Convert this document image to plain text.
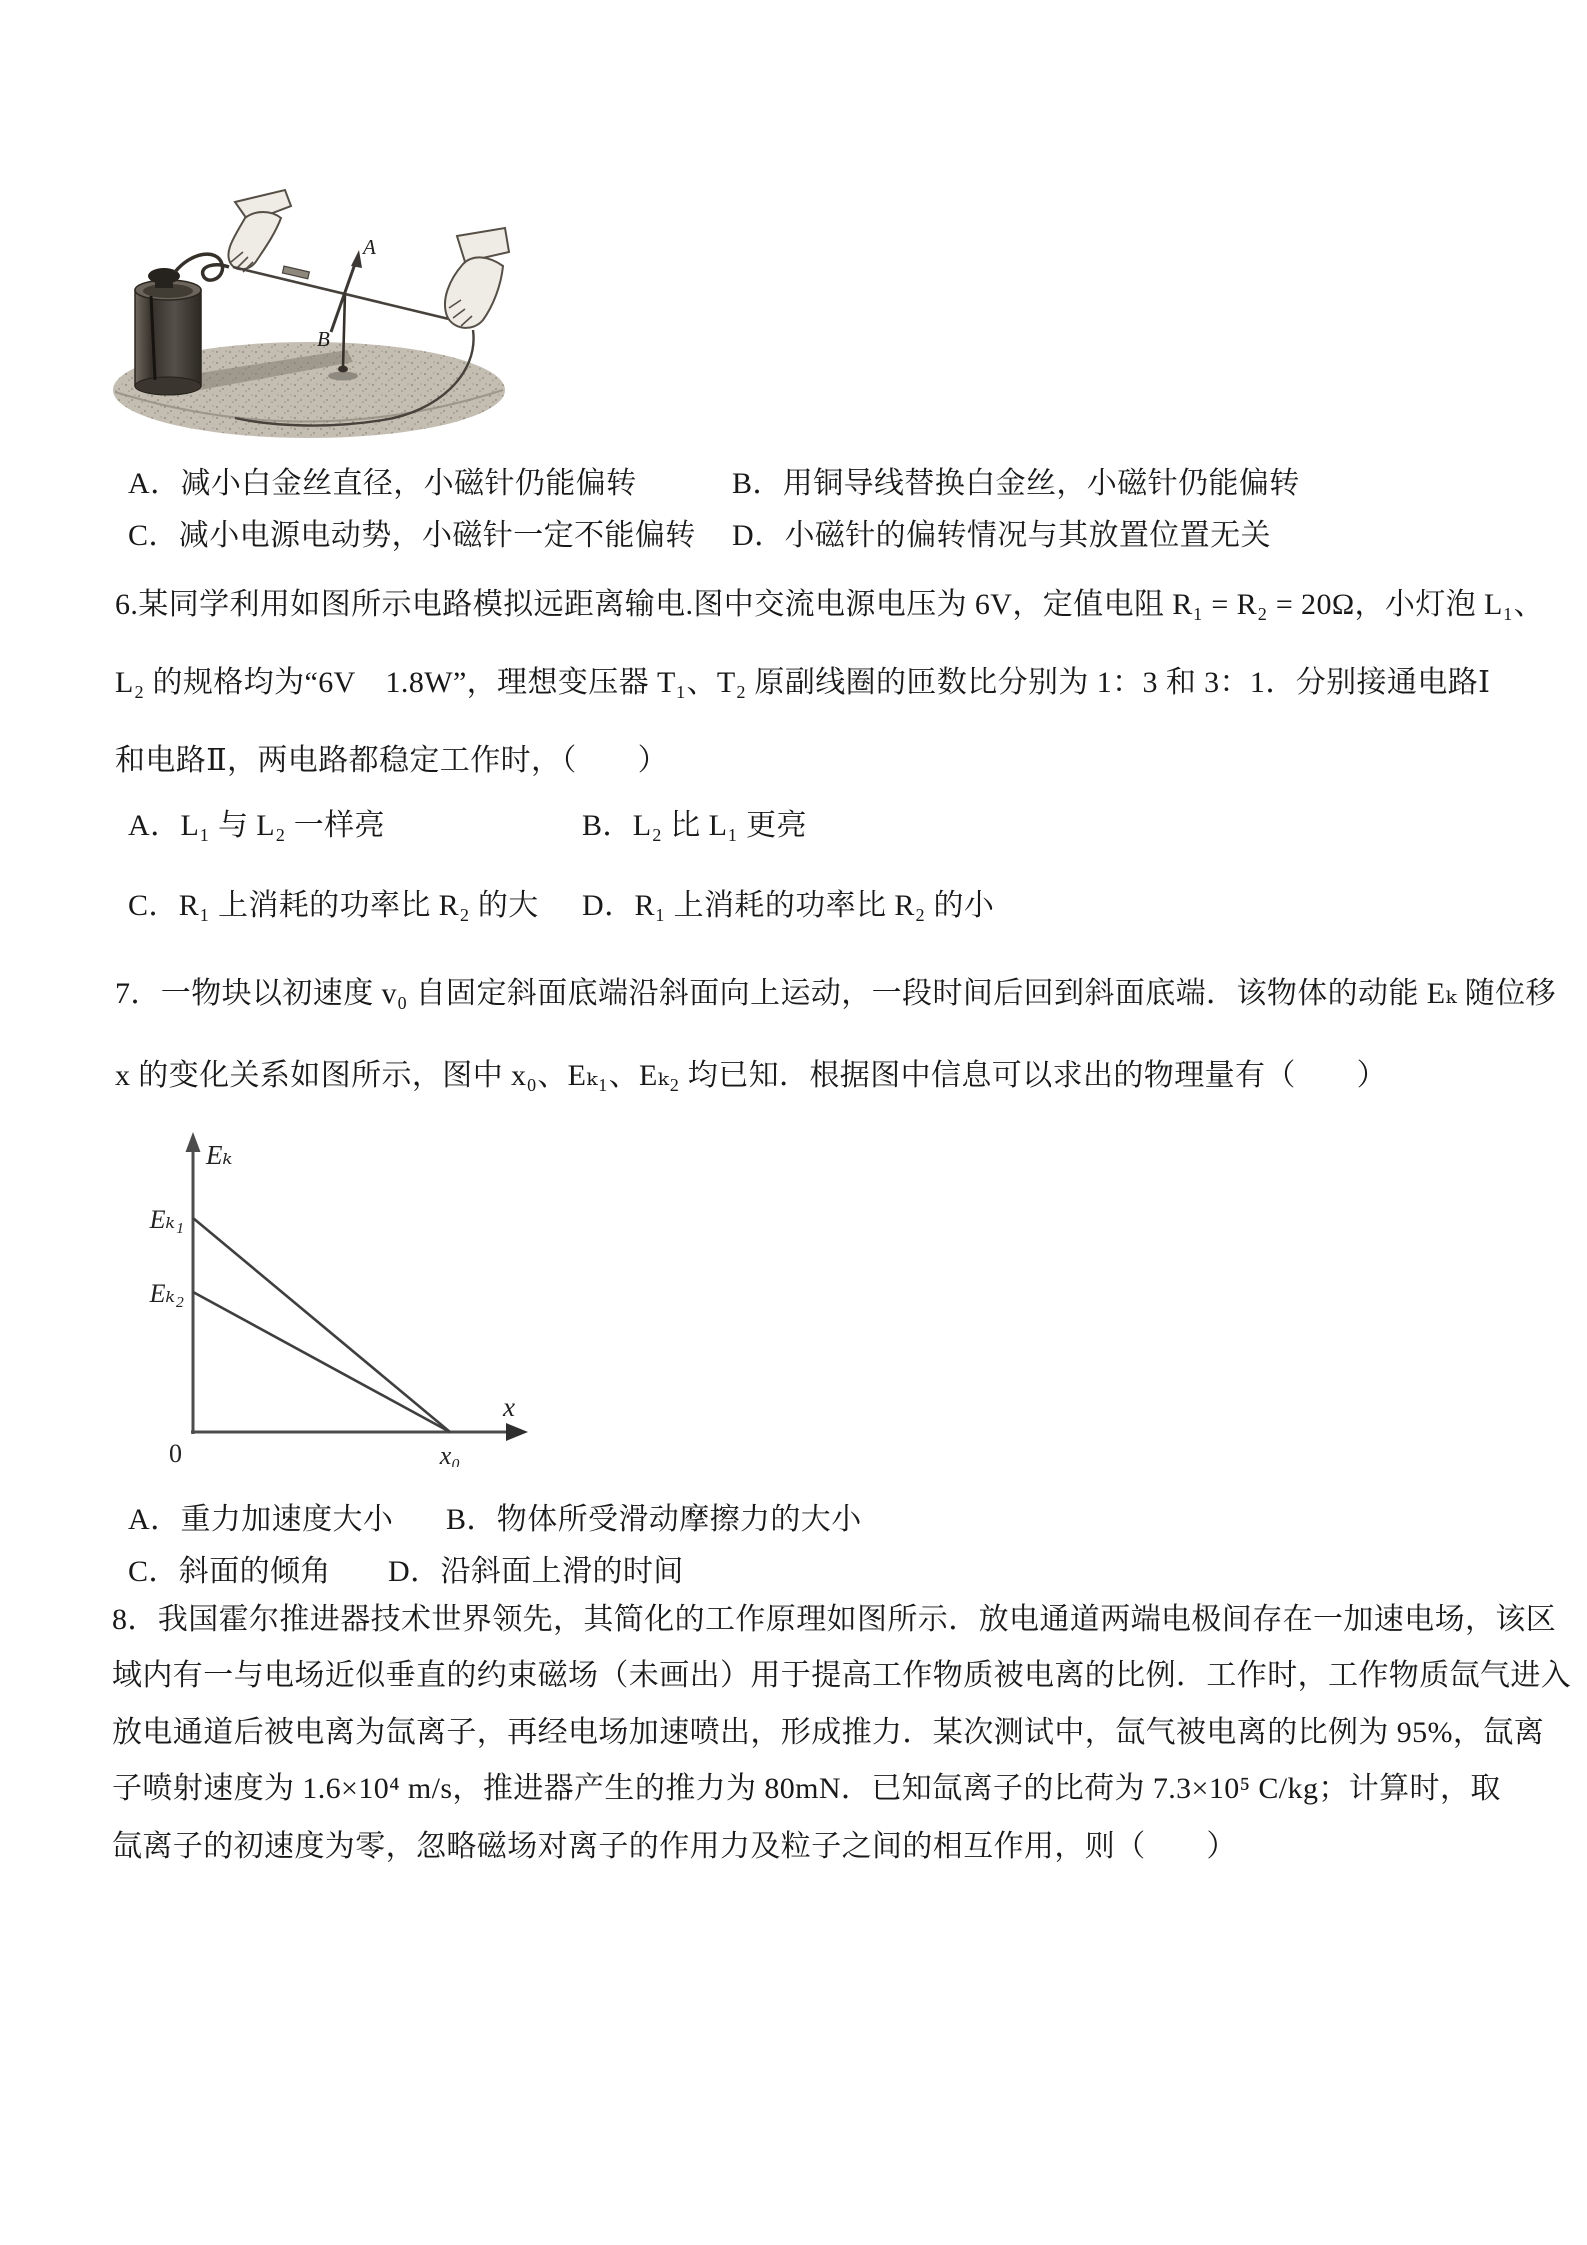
A
B
A．减小白金丝直径，小磁针仍能偏转	B．用铜导线替换白金丝，小磁针仍能偏转
C．减小电源电动势，小磁针一定不能偏转 D．小磁针的偏转情况与其放置位置无关
6.某同学利用如图所示电路模拟远距离输电.图中交流电源电压为 6V，定值电阻 R₁ = R₂ = 20Ω，小灯泡 L₁、
L₂ 的规格均为“6V　1.8W”，理想变压器 T₁、T₂ 原副线圈的匝数比分别为 1：3 和 3：1．分别接通电路Ⅰ
和电路Ⅱ，两电路都稳定工作时，（　　）
A．L₁ 与 L₂ 一样亮	B．L₂ 比 L₁ 更亮
C．R₁ 上消耗的功率比 R₂ 的大 D．R₁ 上消耗的功率比 R₂ 的小
7．一物块以初速度 v₀ 自固定斜面底端沿斜面向上运动，一段时间后回到斜面底端．该物体的动能 Eₖ 随位移
x 的变化关系如图所示，图中 x₀、Eₖ₁、Eₖ₂ 均已知．根据图中信息可以求出的物理量有（　　）
Eₖ
x
Eₖ₁
Eₖ₂
0	x₀
A．重力加速度大小 B．物体所受滑动摩擦力的大小
C．斜面的倾角 D．沿斜面上滑的时间
8．我国霍尔推进器技术世界领先，其简化的工作原理如图所示．放电通道两端电极间存在一加速电场，该区
域内有一与电场近似垂直的约束磁场（未画出）用于提高工作物质被电离的比例．工作时，工作物质氙气进入
放电通道后被电离为氙离子，再经电场加速喷出，形成推力．某次测试中，氙气被电离的比例为 95%，氙离
子喷射速度为 1.6×10⁴ m/s，推进器产生的推力为 80mN．已知氙离子的比荷为 7.3×10⁵ C/kg；计算时，取
氙离子的初速度为零，忽略磁场对离子的作用力及粒子之间的相互作用，则（　　）
